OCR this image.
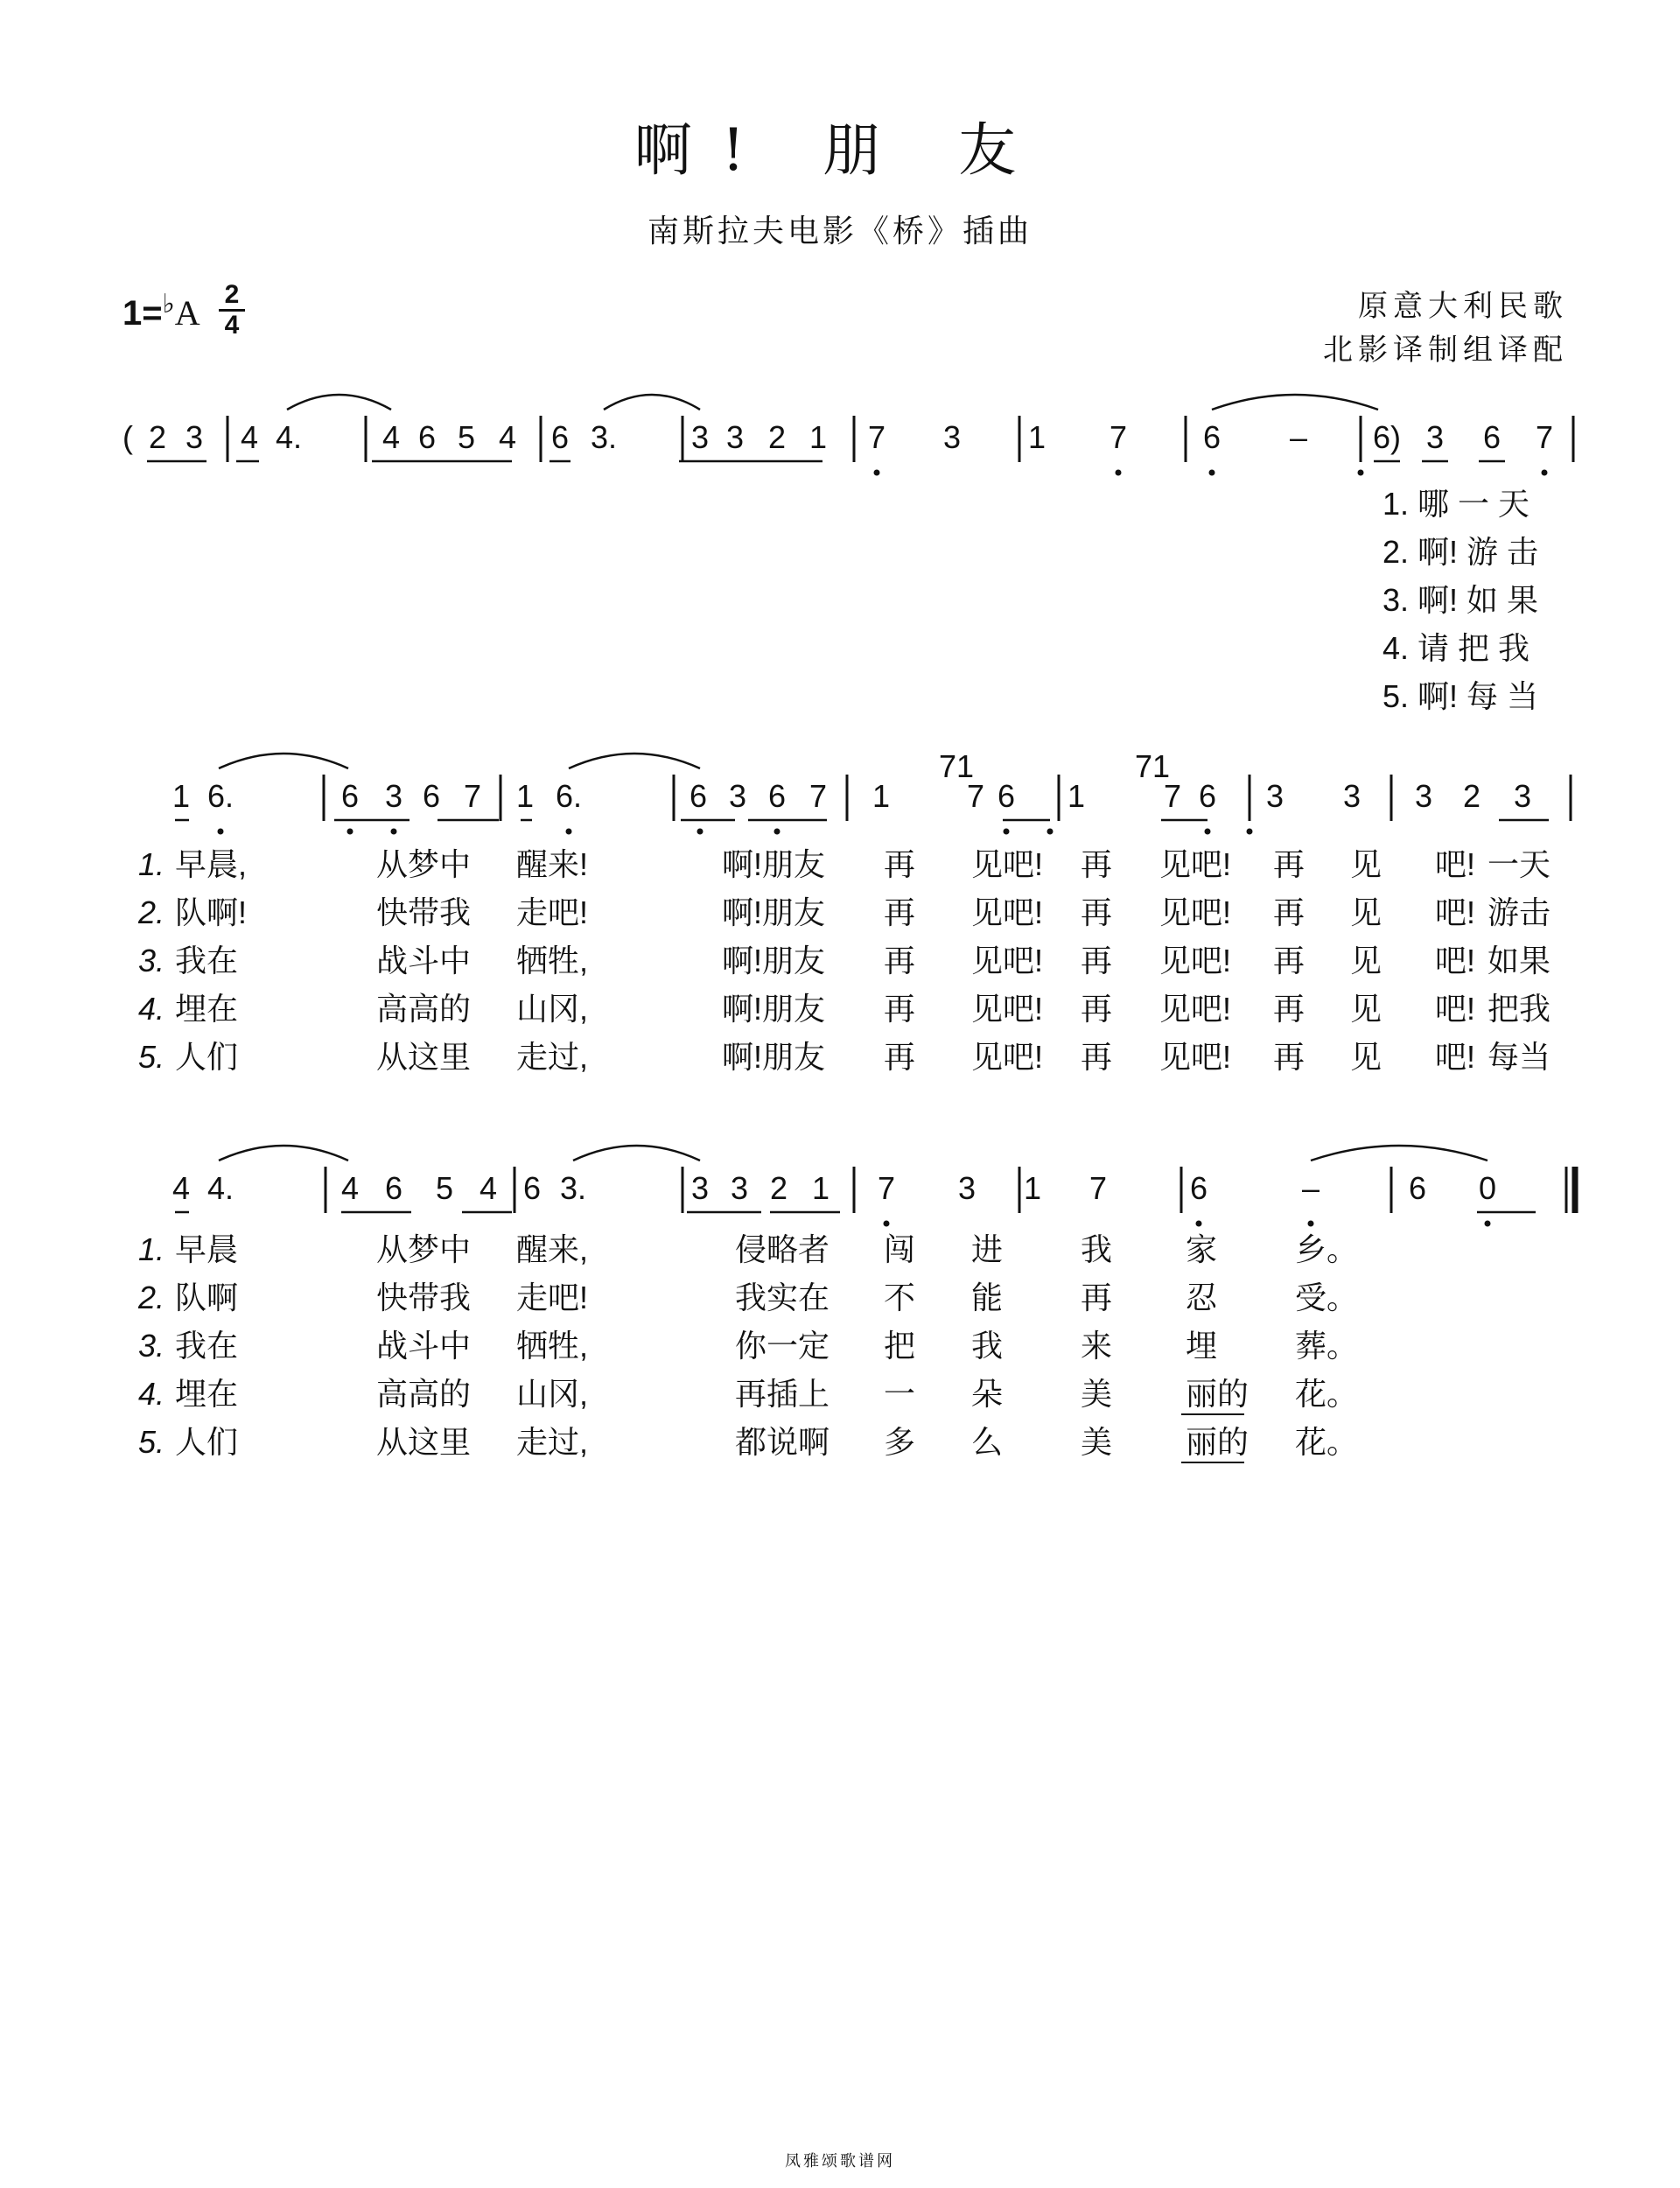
啊! 朋 友
南斯拉夫电影《桥》插曲
1=♭A 2
4
原意大利民歌
北影译制组译配
( 2 3 4 4.	4 6 5 4 6 3. 3 3 2 1 7 3 1 7 6 – 6) 3 6 7
1. 哪 一 天
2. 啊! 游 击
3. 啊! 如 果
4. 请 把 我
5. 啊! 每 当
1 6.	6 3 6 7 1 6.	6 3 6 7 1
71
7 6 1
71
7 6 3 3 3 2 3
1. 早晨,	从梦中 醒来!	啊!朋友 再 见吧! 再 见吧! 再 见 吧! 一天
2. 队啊!	快带我 走吧!	啊!朋友 再 见吧! 再 见吧! 再 见 吧! 游击
3. 我在	战斗中 牺牲,	啊!朋友 再 见吧! 再 见吧! 再 见 吧! 如果
4. 埋在	高高的 山冈,	啊!朋友 再 见吧! 再 见吧! 再 见 吧! 把我
5. 人们	从这里 走过,	啊!朋友 再 见吧! 再 见吧! 再 见 吧! 每当
4 4.	4 6 5 4 6 3.	3 3 2 1 7 3 1 7	6	–	6 0
1. 早晨	从梦中 醒来,	侵略者 闯 进 我 家 乡。
2. 队啊	快带我 走吧!	我实在 不 能 再 忍 受。
3. 我在	战斗中 牺牲,	你一定 把 我 来 埋 葬。
4. 埋在	高高的 山冈,	再插上 一 朵 美 丽的 花。
5. 人们	从这里 走过,	都说啊 多 么 美 丽的 花。
凤雅颂歌谱网
